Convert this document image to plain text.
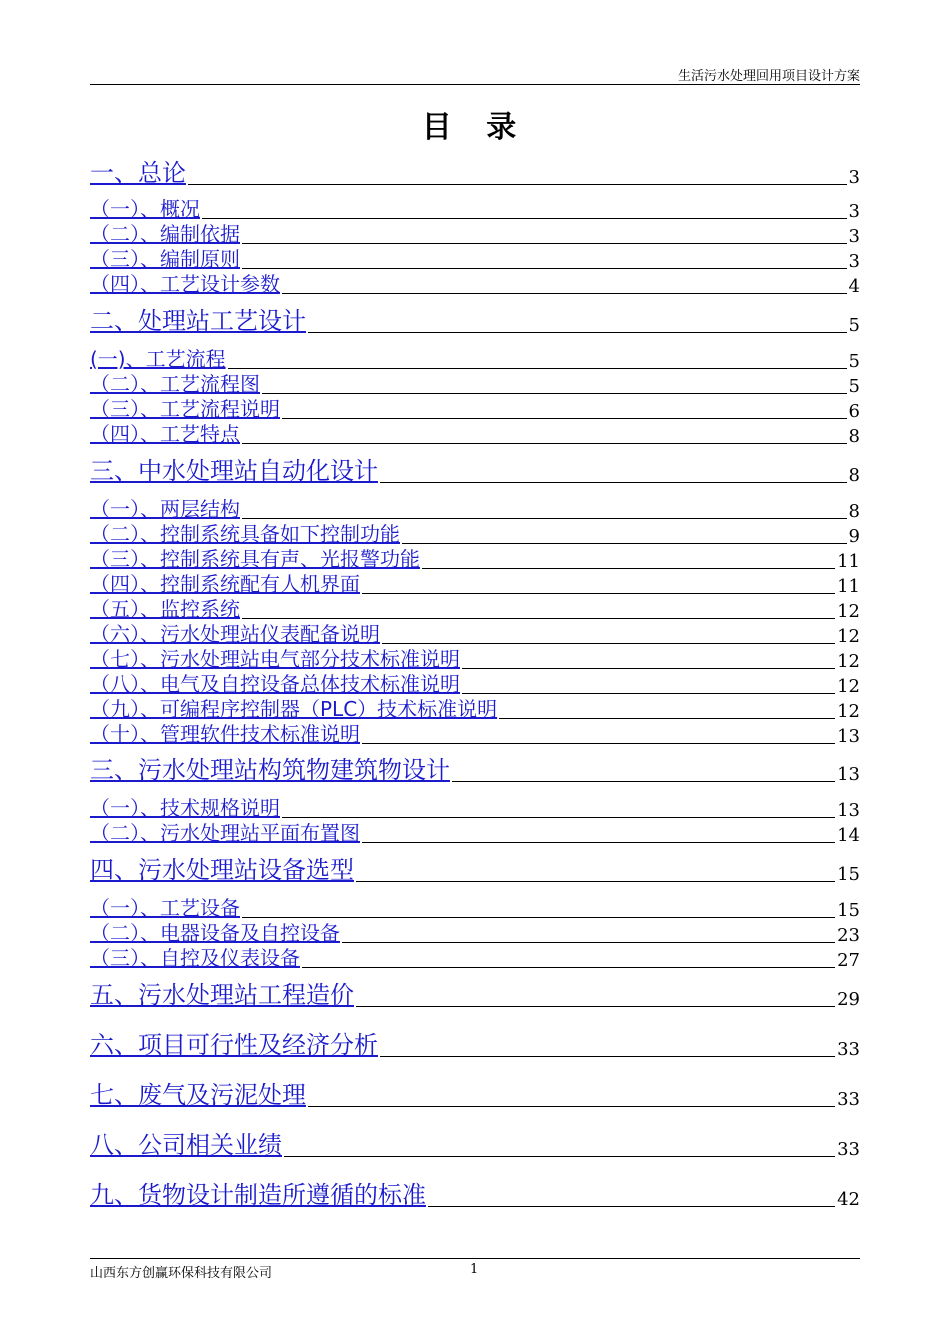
生活污水处理回用项目设计方案
目 录
一、总论	3
（一）、概况	3
（二）、编制依据	3
（三）、编制原则	3
（四）、工艺设计参数	4
二、处理站工艺设计	5
(一)、工艺流程	5
（二）、工艺流程图	5
（三）、工艺流程说明	6
（四）、工艺特点	8
三、中水处理站自动化设计	8
（一）、两层结构	8
（二）、控制系统具备如下控制功能	9
（三）、控制系统具有声、光报警功能	11
（四）、控制系统配有人机界面	11
（五）、监控系统	12
（六）、污水处理站仪表配备说明	12
（七）、污水处理站电气部分技术标准说明	12
（八）、电气及自控设备总体技术标准说明	12
（九）、可编程序控制器（PLC）技术标准说明	12
（十）、管理软件技术标准说明	13
三、污水处理站构筑物建筑物设计	13
（一）、技术规格说明	13
（二）、污水处理站平面布置图	14
四、污水处理站设备选型	15
（一）、工艺设备	15
（二）、电器设备及自控设备	23
（三）、自控及仪表设备	27
五、污水处理站工程造价	29
六、项目可行性及经济分析	33
七、废气及污泥处理	33
八、公司相关业绩	33
九、货物设计制造所遵循的标准	42
山西东方创赢环保科技有限公司	1
